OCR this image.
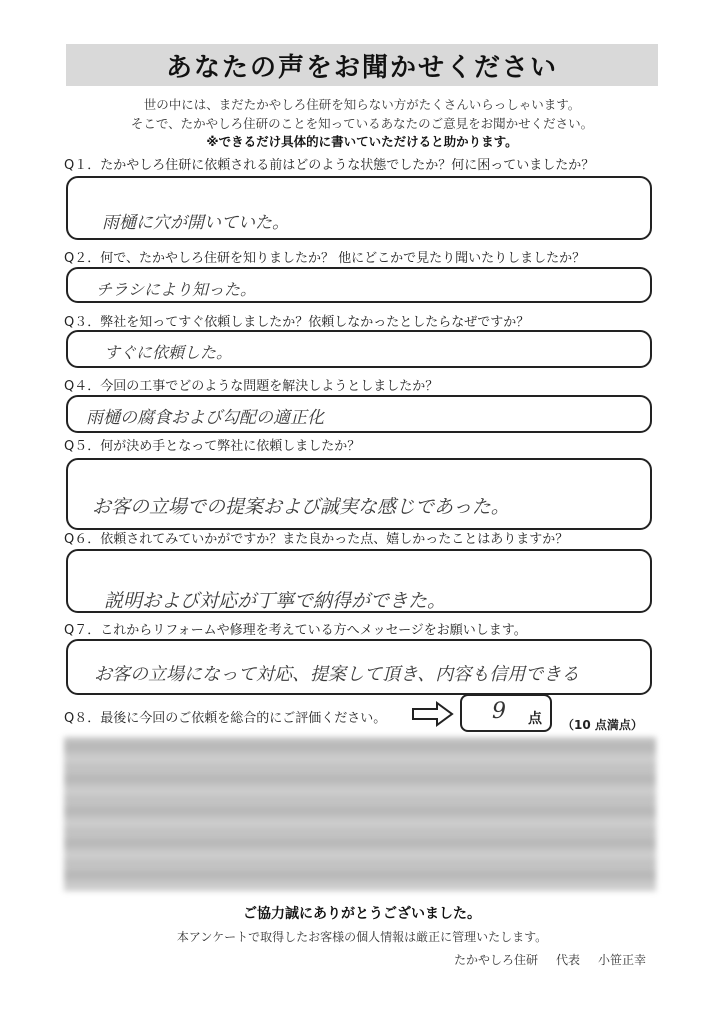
あなたの声をお聞かせください
世の中には、まだたかやしろ住研を知らない方がたくさんいらっしゃいます。
そこで、たかやしろ住研のことを知っているあなたのご意見をお聞かせください。
※できるだけ具体的に書いていただけると助かります。
Q１．たかやしろ住研に依頼される前はどのような状態でしたか？何に困っていましたか？
雨樋に穴が開いていた。
Q２．何で、たかやしろ住研を知りましたか？ 他にどこかで見たり聞いたりしましたか？
チラシにより知った。
Q３．弊社を知ってすぐ依頼しましたか？依頼しなかったとしたらなぜですか？
すぐに依頼した。
Q４．今回の工事でどのような問題を解決しようとしましたか？
雨樋の腐食および勾配の適正化
Q５．何が決め手となって弊社に依頼しましたか？
お客の立場での提案および誠実な感じであった。
Q６．依頼されてみていかがですか？また良かった点、嬉しかったことはありますか？
説明および対応が丁寧で納得ができた。
Q７．これからリフォームや修理を考えている方へメッセージをお願いします。
お客の立場になって対応、提案して頂き、内容も信用できる
Q８．最後に今回のご依頼を総合的にご評価ください。	9 点 （10 点満点）
ご協力誠にありがとうございました。
本アンケートで取得したお客様の個人情報は厳正に管理いたします。
たかやしろ住研 代表 小笹正幸
